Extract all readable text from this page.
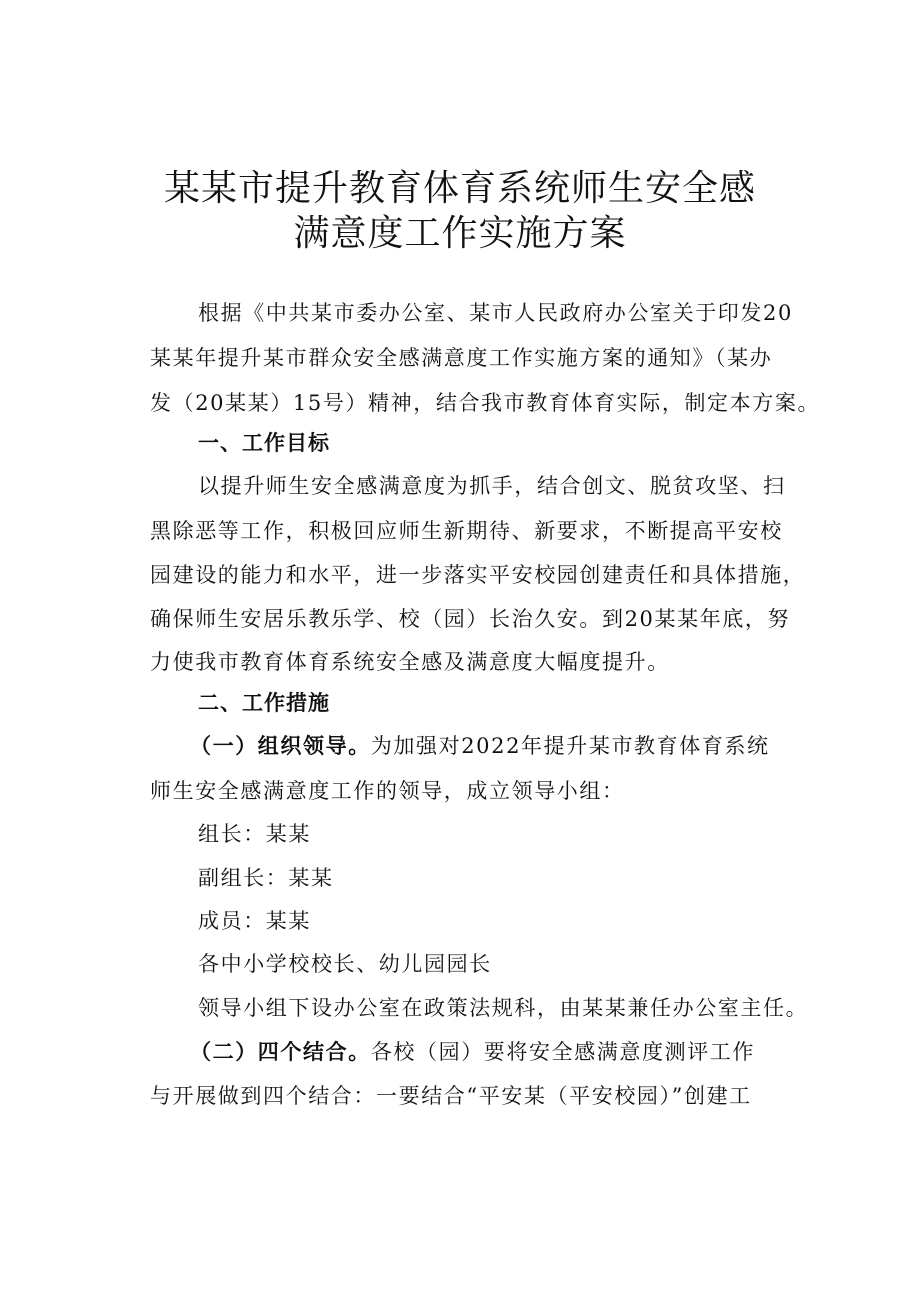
某某市提升教育体育系统师生安全感
满意度工作实施方案
根据《中共某市委办公室、某市人民政府办公室关于印发20
某某年提升某市群众安全感满意度工作实施方案的通知》（某办
发（20某某）15号）精神，结合我市教育体育实际，制定本方案。
一、工作目标
以提升师生安全感满意度为抓手，结合创文、脱贫攻坚、扫
黑除恶等工作，积极回应师生新期待、新要求，不断提高平安校
园建设的能力和水平，进一步落实平安校园创建责任和具体措施，
确保师生安居乐教乐学、校（园）长治久安。到20某某年底，努
力使我市教育体育系统安全感及满意度大幅度提升。
二、工作措施
（一）组织领导。为加强对2022年提升某市教育体育系统
师生安全感满意度工作的领导，成立领导小组：
组长：某某
副组长：某某
成员：某某
各中小学校校长、幼儿园园长
领导小组下设办公室在政策法规科，由某某兼任办公室主任。
（二）四个结合。各校（园）要将安全感满意度测评工作
与开展做到四个结合：一要结合“平安某（平安校园）”创建工
